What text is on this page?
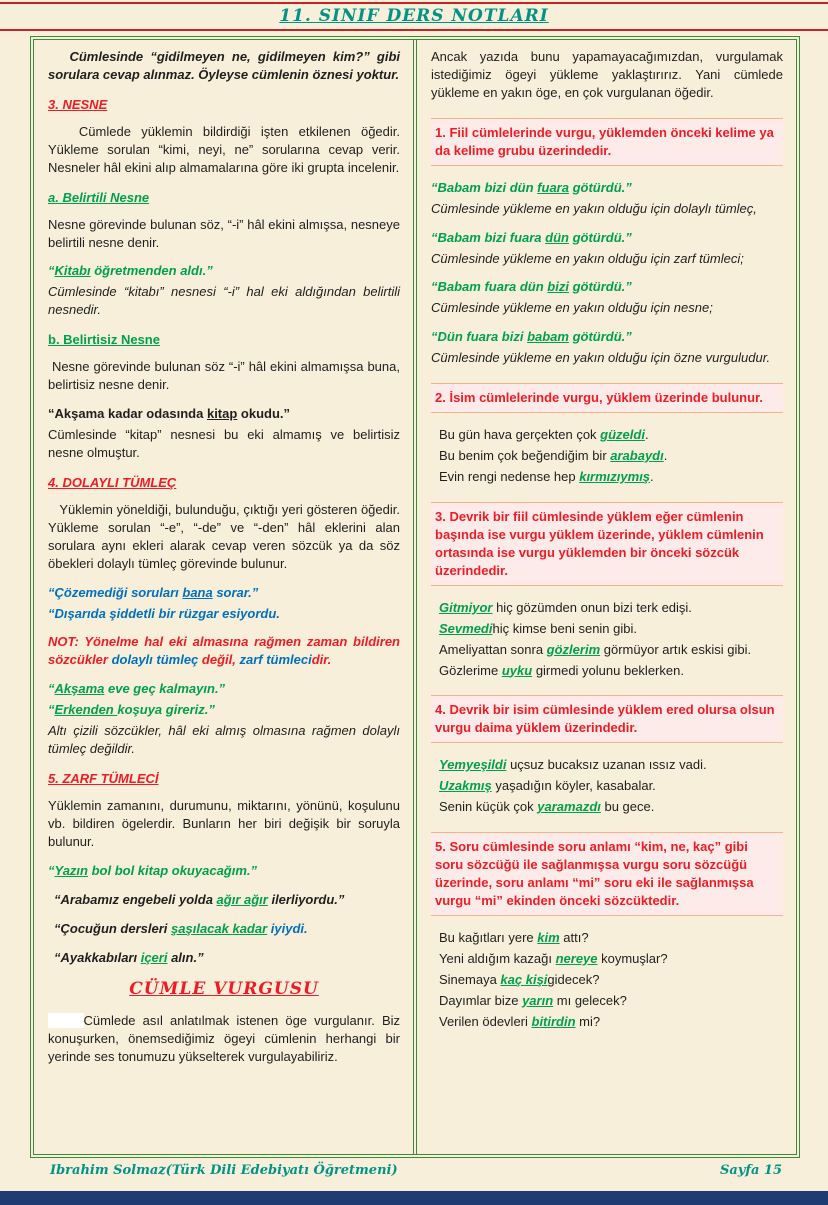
11. SINIF DERS NOTLARI
Cümlesinde “gidilmeyen ne, gidilmeyen kim?” gibi sorulara cevap alınmaz. Öyleyse cümlenin öznesi yoktur.
3. NESNE
Cümlede yüklemin bildirdiği işten etkilenen öğedir. Yükleme sorulan “kimi, neyi, ne” sorularına cevap verir. Nesneler hâl ekini alıp almamalarına göre iki grupta incelenir.
a. Belirtili Nesne
Nesne görevinde bulunan söz, “-i” hâl ekini almışsa, nesneye belirtili nesne denir.
“Kitabı öğretmenden aldı.”
Cümlesinde “kitabı” nesnesi “-i” hal eki aldığından belirtili nesnedir.
b. Belirtisiz Nesne
Nesne görevinde bulunan söz “-i” hâl ekini almamışsa buna, belirtisiz nesne denir.
“Akşama kadar odasında kitap okudu.”
Cümlesinde “kitap” nesnesi bu eki almamış ve belirtisiz nesne olmuştur.
4. DOLAYLI TÜMLEÇ
Yüklemin yöneldiği, bulunduğu, çıktığı yeri gösteren öğedir. Yükleme sorulan “-e”, “-de” ve “-den” hâl eklerini alan sorulara aynı ekleri alarak cevap veren sözcük ya da söz öbekleri dolaylı tümleç görevinde bulunur.
“Çözemediği soruları bana sorar.”
“Dışarıda şiddetli bir rüzgar esiyordu.
NOT: Yönelme hal eki almasına rağmen zaman bildiren sözcükler dolaylı tümleç değil, zarf tümlecidir.
“Akşama eve geç kalmayın.”
“Erkenden koşuya gireriz.”
Altı çizili sözcükler, hâl eki almış olmasına rağmen dolaylı tümleç değildir.
5. ZARF TÜMLECİ
Yüklemin zamanını, durumunu, miktarını, yönünü, koşulunu vb. bildiren ögelerdir. Bunların her biri değişik bir soruyla bulunur.
“Yazın bol bol kitap okuyacağım.”
“Arabamız engebeli yolda ağır ağır ilerliyordu.”
“Çocuğun dersleri şaşılacak kadar iyiydi.
“Ayakkabıları içeri alın.”
CÜMLE VURGUSU
Cümlede asıl anlatılmak istenen öge vurgulanır. Biz konuşurken, önemsediğimiz ögeyi cümlenin herhangi bir yerinde ses tonumuzu yükselterek vurgulayabiliriz.
Ancak yazıda bunu yapamayacağımızdan, vurgulamak istediğimiz ögeyi yükleme yaklaştırırız. Yani cümlede yükleme en yakın öge, en çok vurgulanan öğedir.
1. Fiil cümlelerinde vurgu, yüklemden önceki kelime ya da kelime grubu üzerindedir.
“Babam bizi dün fuara götürdü.”
Cümlesinde yükleme en yakın olduğu için dolaylı tümleç,
“Babam bizi fuara dün götürdü.”
Cümlesinde yükleme en yakın olduğu için zarf tümleci;
“Babam fuara dün bizi götürdü.”
Cümlesinde yükleme en yakın olduğu için nesne;
“Dün fuara bizi babam götürdü.”
Cümlesinde yükleme en yakın olduğu için özne vurguludur.
2. İsim cümlelerinde vurgu, yüklem üzerinde bulunur.
Bu gün hava gerçekten çok güzeldi.
Bu benim çok beğendiğim bir arabaydı.
Evin rengi nedense hep kırmızıymış.
3. Devrik bir fiil cümlesinde yüklem eğer cümlenin başında ise vurgu yüklem üzerinde, yüklem cümlenin ortasında ise vurgu yüklemden bir önceki sözcük üzerindedir.
Gitmiyor hiç gözümden onun bizi terk edişi.
Sevmedihiç kimse beni senin gibi.
Ameliyattan sonra gözlerim görmüyor artık eskisi gibi.
Gözlerime uyku girmedi yolunu beklerken.
4. Devrik bir isim cümlesinde yüklem ered olursa olsun vurgu daima yüklem üzerindedir.
Yemyeşildi uçsuz bucaksız uzanan ıssız vadi.
Uzakmış yaşadığın köyler, kasabalar.
Senin küçük çok yaramazdı bu gece.
5. Soru cümlesinde soru anlamı “kim, ne, kaç” gibi soru sözcüğü ile sağlanmışsa vurgu soru sözcüğü üzerinde, soru anlamı “mi” soru eki ile sağlanmışsa vurgu “mi” ekinden önceki sözcüktedir.
Bu kağıtları yere kim attı?
Yeni aldığım kazağı nereye koymuşlar?
Sinemaya kaç kişigidecek?
Dayımlar bize yarın mı gelecek?
Verilen ödevleri bitirdin mi?
Ibrahim Solmaz(Türk Dili Edebiyatı Öğretmeni)	Sayfa 15
